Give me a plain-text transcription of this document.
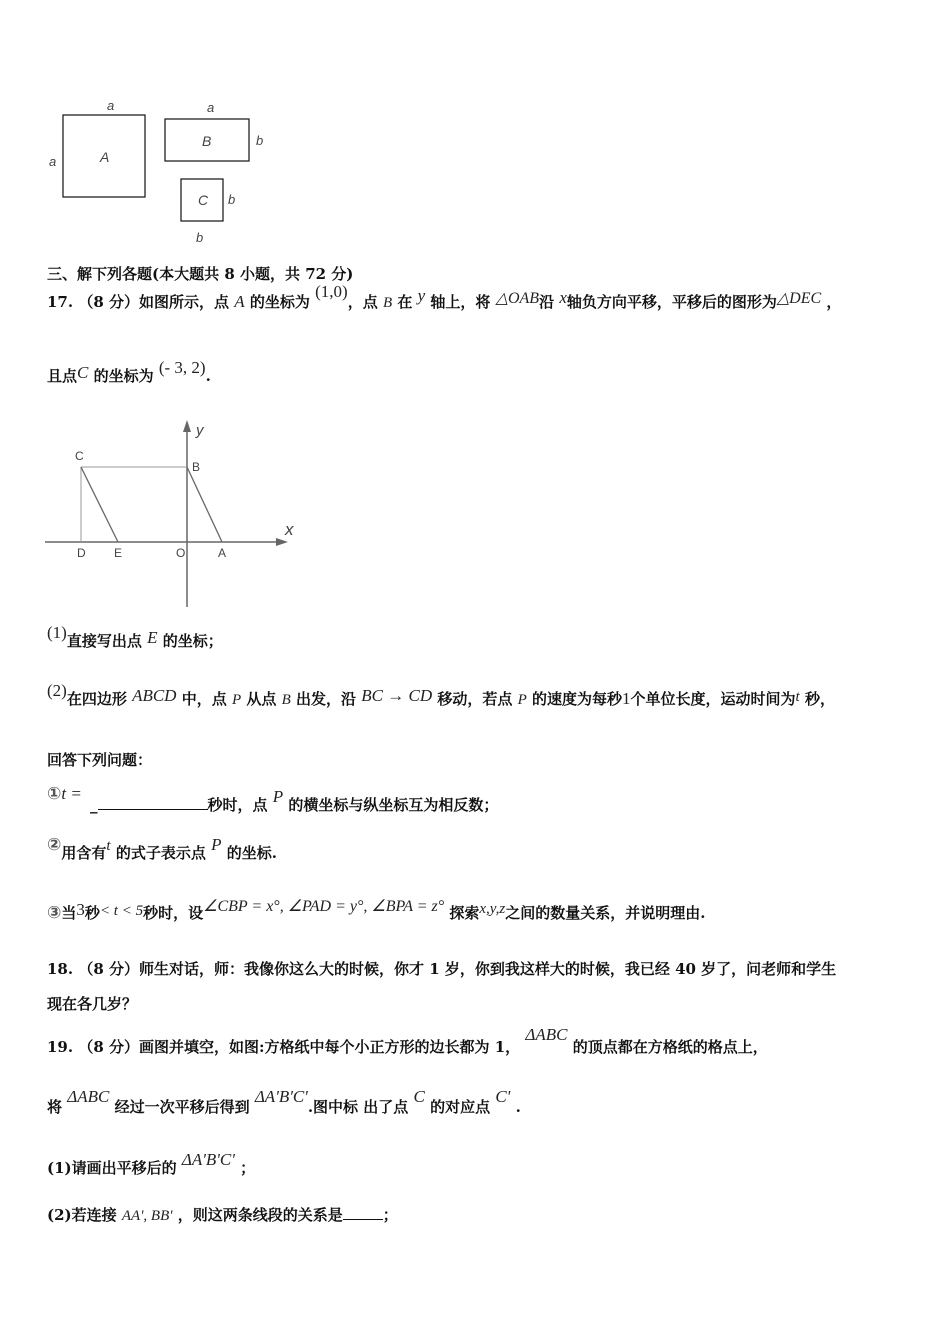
A
a
a
B
a
b
C b
b
三、解下列各题(本大题共 8 小题，共 72 分)
17. （8 分）如图所示，点 A 的坐标为 (1,0)，点 B 在 y 轴上，将 △OAB沿 x轴负方向平移，平移后的图形为△DEC ，
且点C 的坐标为 (- 3, 2).
y
x
C
B
D E	O	A
(1)直接写出点 E 的坐标；
(2)在四边形 ABCD 中，点 P 从点 B 出发，沿 BC → CD 移动，若点 P 的速度为每秒1个单位长度，运动时间为t 秒，
回答下列问题：
①t =
_	秒时，点 P 的横坐标与纵坐标互为相反数；
②用含有t 的式子表示点 P 的坐标.
③当3秒< t < 5秒时，设∠CBP = x°, ∠PAD = y°, ∠BPA = z° 探索x,y,z之间的数量关系，并说明理由.
18. （8 分）师生对话，师：我像你这么大的时候，你才 1 岁，你到我这样大的时候，我已经 40 岁了，问老师和学生
现在各几岁？
19. （8 分）画图并填空，如图:方格纸中每个小正方形的边长都为 1， ΔABC 的顶点都在方格纸的格点上，
将 ΔABC 经过一次平移后得到 ΔA'B'C'.图中标 出了点 C 的对应点 C' .
(1)请画出平移后的 ΔA'B'C' ；
(2)若连接 AA', BB' ，则这两条线段的关系是	；
